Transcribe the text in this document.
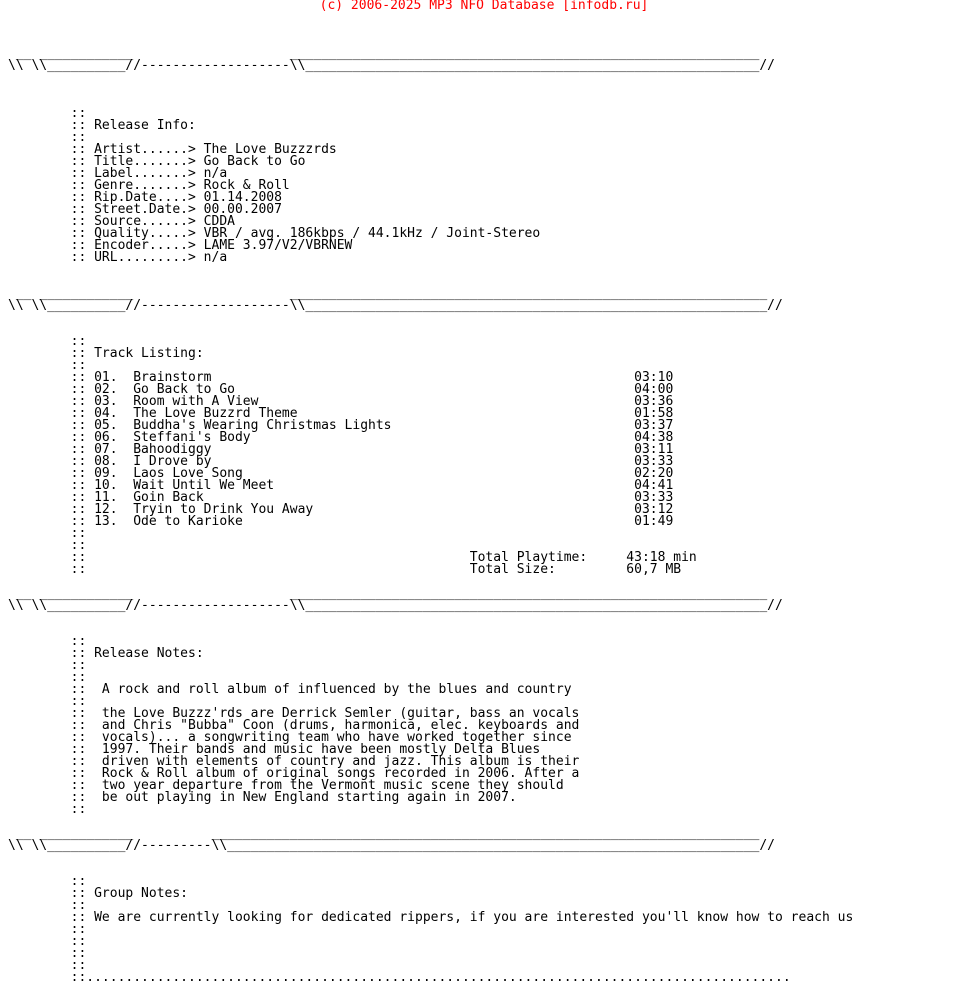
(c) 2006-2025 MP3 NFO Database [infodb.ru]
__ ____________                    ____________________________________________________________
\\ \\__________//-------------------\\__________________________________________________________//
::
:: Release Info:
::
:: Artist......> The Love Buzzzrds
:: Title.......> Go Back to Go
:: Label.......> n/a
:: Genre.......> Rock & Roll
:: Rip.Date....> 01.14.2008
:: Street.Date.> 00.00.2007
:: Source......> CDDA
:: Quality.....> VBR / avg. 186kbps / 44.1kHz / Joint-Stereo
:: Encoder.....> LAME 3.97/V2/VBRNEW
:: URL.........> n/a
__ ____________                    _____________________________________________________________
\\ \\__________//-------------------\\___________________________________________________________//
::
:: Track Listing:
::
:: 01.  Brainstorm                                                      03:10
:: 02.  Go Back to Go                                                   04:00
:: 03.  Room with A View                                                03:36
:: 04.  The Love Buzzrd Theme                                           01:58
:: 05.  Buddha's Wearing Christmas Lights                               03:37
:: 06.  Steffani's Body                                                 04:38
:: 07.  Bahoodiggy                                                      03:11
:: 08.  I Drove by                                                      03:33
:: 09.  Laos Love Song                                                  02:20
:: 10.  Wait Until We Meet                                              04:41
:: 11.  Goin Back                                                       03:33
:: 12.  Tryin to Drink You Away                                         03:12
:: 13.  Ode to Karioke                                                  01:49
::
::
::                                                 Total Playtime:     43:18 min
::                                                 Total Size:         60,7 MB
__ ____________                    _____________________________________________________________
\\ \\__________//-------------------\\___________________________________________________________//
::
:: Release Notes:
::
::
::  A rock and roll album of influenced by the blues and country
::
::  the Love Buzzz'rds are Derrick Semler (guitar, bass an vocals
::  and Chris "Bubba" Coon (drums, harmonica, elec. keyboards and
::  vocals)... a songwriting team who have worked together since
::  1997. Their bands and music have been mostly Delta Blues
::  driven with elements of country and jazz. This album is their
::  Rock & Roll album of original songs recorded in 2006. After a
::  two year departure from the Vermont music scene they should
::  be out playing in New England starting again in 2007.
::
__ ____________          ______________________________________________________________________
\\ \\__________//---------\\____________________________________________________________________//
::
:: Group Notes:
::
:: We are currently looking for dedicated rippers, if you are interested you'll know how to reach us
::
::
::
::
::..........................................................................................
